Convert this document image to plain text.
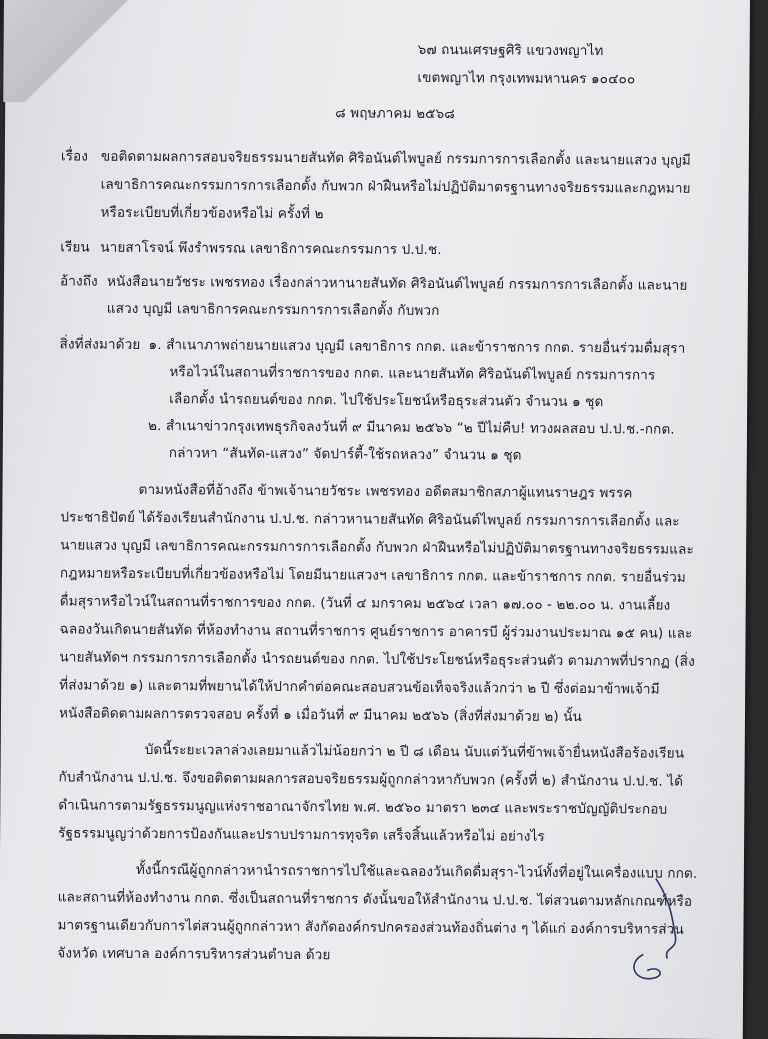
๖๗ ถนนเศรษฐศิริ แขวงพญาไท
เขตพญาไท กรุงเทพมหานคร ๑๐๔๐๐
๘ พฤษภาคม ๒๕๖๘
เรื่อง ขอติดตามผลการสอบจริยธรรมนายสันทัด ศิริอนันต์ไพบูลย์ กรรมการการเลือกตั้ง และนายแสวง บุญมี
เลขาธิการคณะกรรมการการเลือกตั้ง กับพวก ฝ่าฝืนหรือไม่ปฏิบัติมาตรฐานทางจริยธรรมและกฎหมาย
หรือระเบียบที่เกี่ยวข้องหรือไม่ ครั้งที่ ๒
เรียน นายสาโรจน์ พึงรำพรรณ เลขาธิการคณะกรรมการ ป.ป.ช.
อ้างถึง หนังสือนายวัชระ เพชรทอง เรื่องกล่าวหานายสันทัด ศิริอนันต์ไพบูลย์ กรรมการการเลือกตั้ง และนาย
แสวง บุญมี เลขาธิการคณะกรรมการการเลือกตั้ง กับพวก
สิ่งที่ส่งมาด้วย ๑. สำเนาภาพถ่ายนายแสวง บุญมี เลขาธิการ กกต. และข้าราชการ กกต. รายอื่นร่วมดื่มสุรา
หรือไวน์ในสถานที่ราชการของ กกต. และนายสันทัด ศิริอนันต์ไพบูลย์ กรรมการการ
เลือกตั้ง นำรถยนต์ของ กกต. ไปใช้ประโยชน์หรือธุระส่วนตัว จำนวน ๑ ชุด
๒. สำเนาข่าวกรุงเทพธุรกิจลงวันที่ ๙ มีนาคม ๒๕๖๖ “๒ ปีไม่คืบ! ทวงผลสอบ ป.ป.ช.-กกต.
กล่าวหา “สันทัด-แสวง” จัดปาร์ตี้-ใช้รถหลวง” จำนวน ๑ ชุด
ตามหนังสือที่อ้างถึง ข้าพเจ้านายวัชระ เพชรทอง อดีตสมาชิกสภาผู้แทนราษฎร พรรค
ประชาธิปัตย์ ได้ร้องเรียนสำนักงาน ป.ป.ช. กล่าวหานายสันทัด ศิริอนันต์ไพบูลย์ กรรมการการเลือกตั้ง และ
นายแสวง บุญมี เลขาธิการคณะกรรมการการเลือกตั้ง กับพวก ฝ่าฝืนหรือไม่ปฏิบัติมาตรฐานทางจริยธรรมและ
กฎหมายหรือระเบียบที่เกี่ยวข้องหรือไม่ โดยมีนายแสวงฯ เลขาธิการ กกต. และข้าราชการ กกต. รายอื่นร่วม
ดื่มสุราหรือไวน์ในสถานที่ราชการของ กกต. (วันที่ ๔ มกราคม ๒๕๖๔ เวลา ๑๗.๐๐ - ๒๒.๐๐ น. งานเลี้ยง
ฉลองวันเกิดนายสันทัด ที่ห้องทำงาน สถานที่ราชการ ศูนย์ราชการ อาคารบี ผู้ร่วมงานประมาณ ๑๕ คน) และ
นายสันทัดฯ กรรมการการเลือกตั้ง นำรถยนต์ของ กกต. ไปใช้ประโยชน์หรือธุระส่วนตัว ตามภาพที่ปรากฏ (สิ่ง
ที่ส่งมาด้วย ๑) และตามที่พยานได้ให้ปากคำต่อคณะสอบสวนข้อเท็จจริงแล้วกว่า ๒ ปี ซึ่งต่อมาข้าพเจ้ามี
หนังสือติดตามผลการตรวจสอบ ครั้งที่ ๑ เมื่อวันที่ ๙ มีนาคม ๒๕๖๖ (สิ่งที่ส่งมาด้วย ๒) นั้น
บัดนี้ระยะเวลาล่วงเลยมาแล้วไม่น้อยกว่า ๒ ปี ๘ เดือน นับแต่วันที่ข้าพเจ้ายื่นหนังสือร้องเรียน
กับสำนักงาน ป.ป.ช. จึงขอติดตามผลการสอบจริยธรรมผู้ถูกกล่าวหากับพวก (ครั้งที่ ๒) สำนักงาน ป.ป.ช. ได้
ดำเนินการตามรัฐธรรมนูญแห่งราชอาณาจักรไทย พ.ศ. ๒๕๖๐ มาตรา ๒๓๔ และพระราชบัญญัติประกอบ
รัฐธรรมนูญว่าด้วยการป้องกันและปราบปรามการทุจริต เสร็จสิ้นแล้วหรือไม่ อย่างไร
ทั้งนี้กรณีผู้ถูกกล่าวหานำรถราชการไปใช้และฉลองวันเกิดดื่มสุรา-ไวน์ทั้งที่อยู่ในเครื่องแบบ กกต.
และสถานที่ห้องทำงาน กกต. ซึ่งเป็นสถานที่ราชการ ดังนั้นขอให้สำนักงาน ป.ป.ช. ไต่สวนตามหลักเกณฑ์หรือ
มาตรฐานเดียวกับการไต่สวนผู้ถูกกล่าวหา สังกัดองค์กรปกครองส่วนท้องถิ่นต่าง ๆ ได้แก่ องค์การบริหารส่วน
จังหวัด เทศบาล องค์การบริหารส่วนตำบล ด้วย
